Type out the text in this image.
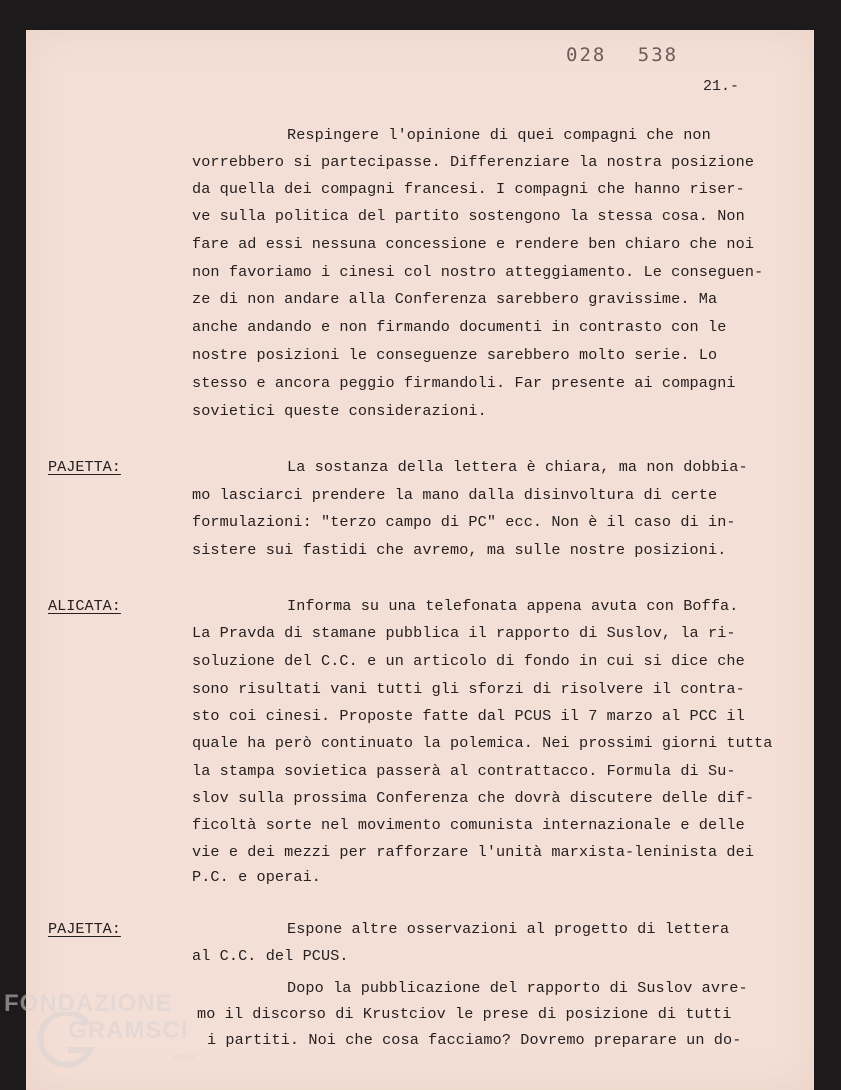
028 538
21.-
Respingere l'opinione di quei compagni che non
vorrebbero si partecipasse. Differenziare la nostra posizione
da quella dei compagni francesi. I compagni che hanno riser-
ve sulla politica del partito sostengono la stessa cosa. Non
fare ad essi nessuna concessione e rendere ben chiaro che noi
non favoriamo i cinesi col nostro atteggiamento. Le conseguen-
ze di non andare alla Conferenza sarebbero gravissime. Ma
anche andando e non firmando documenti in contrasto con le
nostre posizioni le conseguenze sarebbero molto serie. Lo
stesso e ancora peggio firmandoli. Far presente ai compagni
sovietici queste considerazioni.
PAJETTA:	La sostanza della lettera è chiara, ma non dobbia-
mo lasciarci prendere la mano dalla disinvoltura di certe
formulazioni: "terzo campo di PC" ecc. Non è il caso di in-
sistere sui fastidi che avremo, ma sulle nostre posizioni.
ALICATA:	Informa su una telefonata appena avuta con Boffa.
La Pravda di stamane pubblica il rapporto di Suslov, la ri-
soluzione del C.C. e un articolo di fondo in cui si dice che
sono risultati vani tutti gli sforzi di risolvere il contra-
sto coi cinesi. Proposte fatte dal PCUS il 7 marzo al PCC il
quale ha però continuato la polemica. Nei prossimi giorni tutta
la stampa sovietica passerà al contrattacco. Formula di Su-
slov sulla prossima Conferenza che dovrà discutere delle dif-
ficoltà sorte nel movimento comunista internazionale e delle
vie e dei mezzi per rafforzare l'unità marxista-leninista dei
P.C. e operai.
PAJETTA:	Espone altre osservazioni al progetto di lettera
al C.C. del PCUS.
Dopo la pubblicazione del rapporto di Suslov avre-
mo il discorso di Krustciov le prese di posizione di tutti
i partiti. Noi che cosa facciamo? Dovremo preparare un do-
FONDAZIONE
GRAMSCI
onlus
